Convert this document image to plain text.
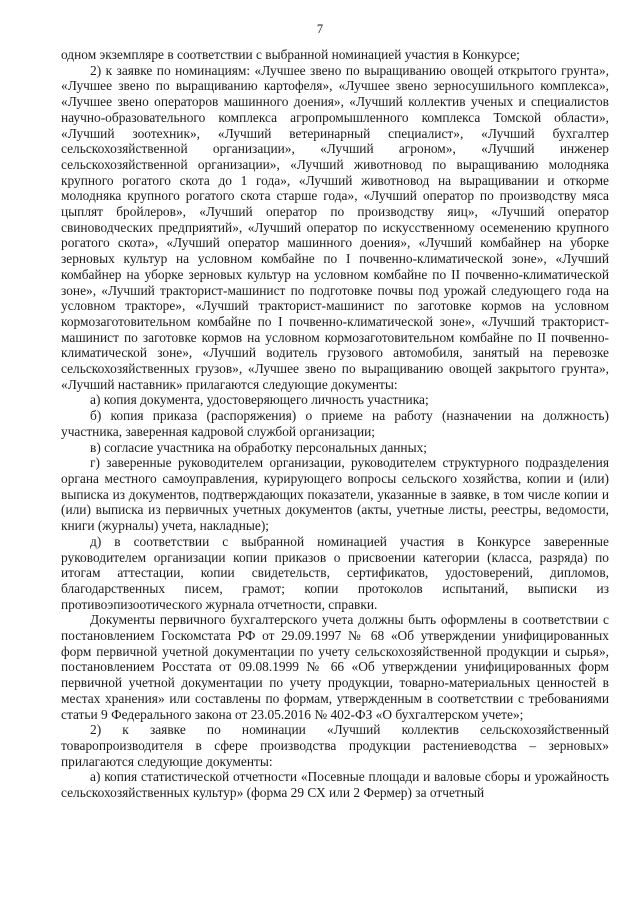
7

одном экземпляре в соответствии с выбранной номинацией участия в Конкурсе;

2) к заявке по номинациям: «Лучшее звено по выращиванию овощей открытого грунта», «Лучшее звено по выращиванию картофеля», «Лучшее звено зерносушильного комплекса», «Лучшее звено операторов машинного доения», «Лучший коллектив ученых и специалистов научно-образовательного комплекса агропромышленного комплекса Томской области», «Лучший зоотехник», «Лучший ветеринарный специалист», «Лучший бухгалтер сельскохозяйственной организации», «Лучший агроном», «Лучший инженер сельскохозяйственной организации», «Лучший животновод по выращиванию молодняка крупного рогатого скота до 1 года», «Лучший животновод на выращивании и откорме молодняка крупного рогатого скота старше года», «Лучший оператор по производству мяса цыплят бройлеров», «Лучший оператор по производству яиц», «Лучший оператор свиноводческих предприятий», «Лучший оператор по искусственному осеменению крупного рогатого скота», «Лучший оператор машинного доения», «Лучший комбайнер на уборке зерновых культур на условном комбайне по I почвенно-климатической зоне», «Лучший комбайнер на уборке зерновых культур на условном комбайне по II почвенно-климатической зоне», «Лучший тракторист-машинист по подготовке почвы под урожай следующего года на условном тракторе», «Лучший тракторист-машинист по заготовке кормов на условном кормозаготовительном комбайне по I почвенно-климатической зоне», «Лучший тракторист-машинист по заготовке кормов на условном кормозаготовительном комбайне по II почвенно-климатической зоне», «Лучший водитель грузового автомобиля, занятый на перевозке сельскохозяйственных грузов», «Лучшее звено по выращиванию овощей закрытого грунта», «Лучший наставник» прилагаются следующие документы:

а) копия документа, удостоверяющего личность участника;

б) копия приказа (распоряжения) о приеме на работу (назначении на должность) участника, заверенная кадровой службой организации;

в) согласие участника на обработку персональных данных;

г) заверенные руководителем организации, руководителем структурного подразделения органа местного самоуправления, курирующего вопросы сельского хозяйства, копии и (или) выписка из документов, подтверждающих показатели, указанные в заявке, в том числе копии и (или) выписка из первичных учетных документов (акты, учетные листы, реестры, ведомости, книги (журналы) учета, накладные);

д) в соответствии с выбранной номинацией участия в Конкурсе заверенные руководителем организации копии приказов о присвоении категории (класса, разряда) по итогам аттестации, копии свидетельств, сертификатов, удостоверений, дипломов, благодарственных писем, грамот; копии протоколов испытаний, выписки из противоэпизоотического журнала отчетности, справки.

Документы первичного бухгалтерского учета должны быть оформлены в соответствии с постановлением Госкомстата РФ от 29.09.1997 № 68 «Об утверждении унифицированных форм первичной учетной документации по учету сельскохозяйственной продукции и сырья», постановлением Росстата от 09.08.1999 № 66 «Об утверждении унифицированных форм первичной учетной документации по учету продукции, товарно-материальных ценностей в местах хранения» или составлены по формам, утвержденным в соответствии с требованиями статьи 9 Федерального закона от 23.05.2016 № 402-ФЗ «О бухгалтерском учете»;

2) к заявке по номинации «Лучший коллектив сельскохозяйственный товаропроизводителя в сфере производства продукции растениеводства – зерновых» прилагаются следующие документы:

а) копия статистической отчетности «Посевные площади и валовые сборы и урожайность сельскохозяйственных культур» (форма 29 СХ или 2 Фермер) за отчетный
